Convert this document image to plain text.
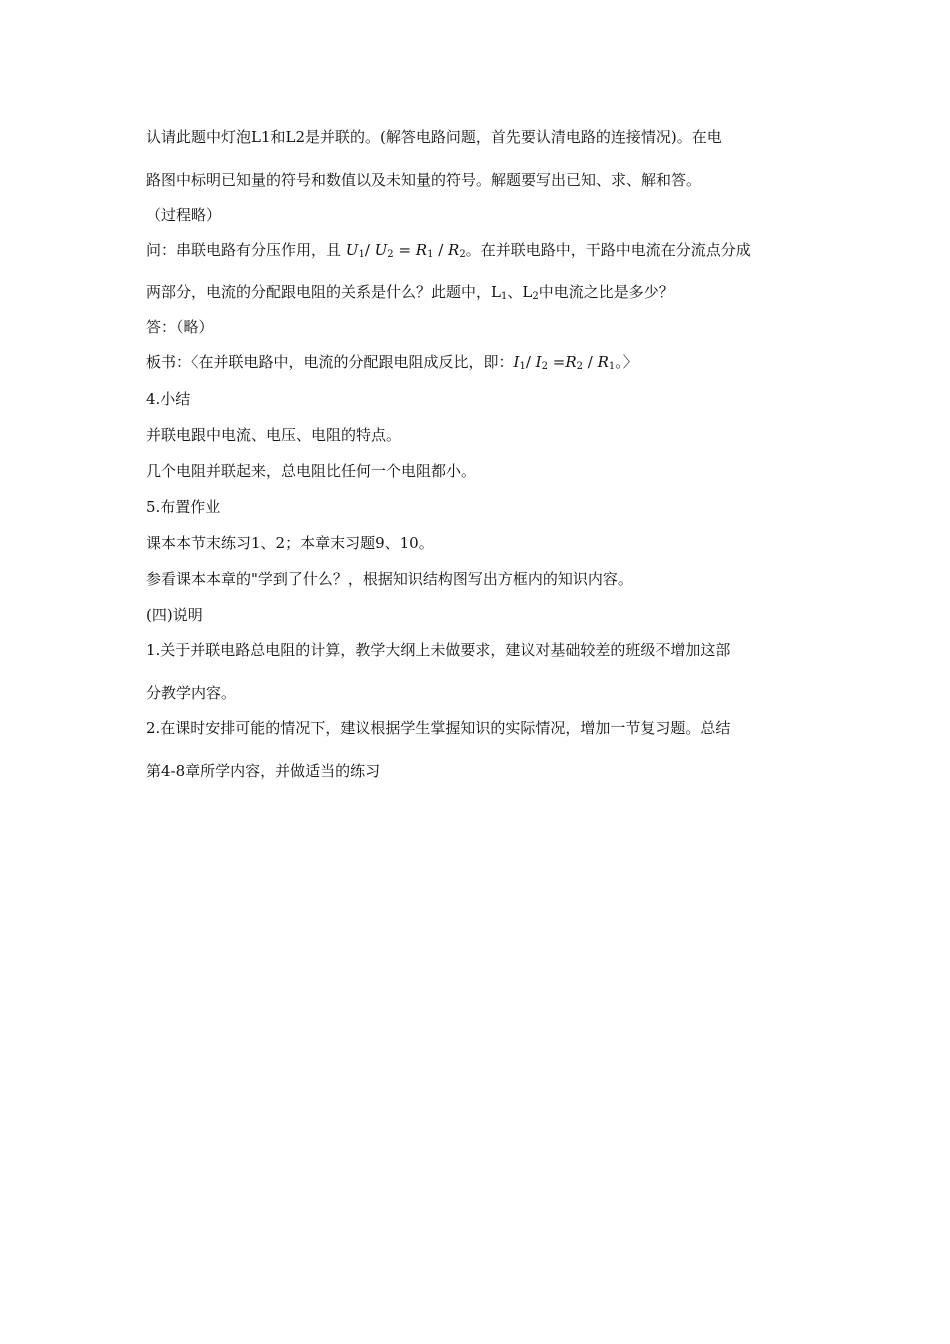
认请此题中灯泡L1和L2是并联的。(解答电路问题，首先要认清电路的连接情况)。在电
路图中标明已知量的符号和数值以及未知量的符号。解题要写出已知、求、解和答。
（过程略）
问：串联电路有分压作用，且 $U_1/$ $U_2 = R_1 / R_2$。在并联电路中，干路中电流在分流点分成
两部分，电流的分配跟电阻的关系是什么？此题中，$L_1$、$L_2$中电流之比是多少？
答：（略）
板书：〈在并联电路中，电流的分配跟电阻成反比，即：$I_1/$ $I_2 =R_2 / R_1$。〉
4.小结
并联电跟中电流、电压、电阻的特点。
几个电阻并联起来，总电阻比任何一个电阻都小。
5.布置作业
课本本节末练习1、2；本章末习题9、10。
参看课本本章的"学到了什么？，根据知识结构图写出方框内的知识内容。
(四)说明
1.关于并联电路总电阻的计算，教学大纲上未做要求，建议对基础较差的班级不增加这部
分教学内容。
2.在课时安排可能的情况下，建议根据学生掌握知识的实际情况，增加一节复习题。总结
第4-8章所学内容，并做适当的练习
